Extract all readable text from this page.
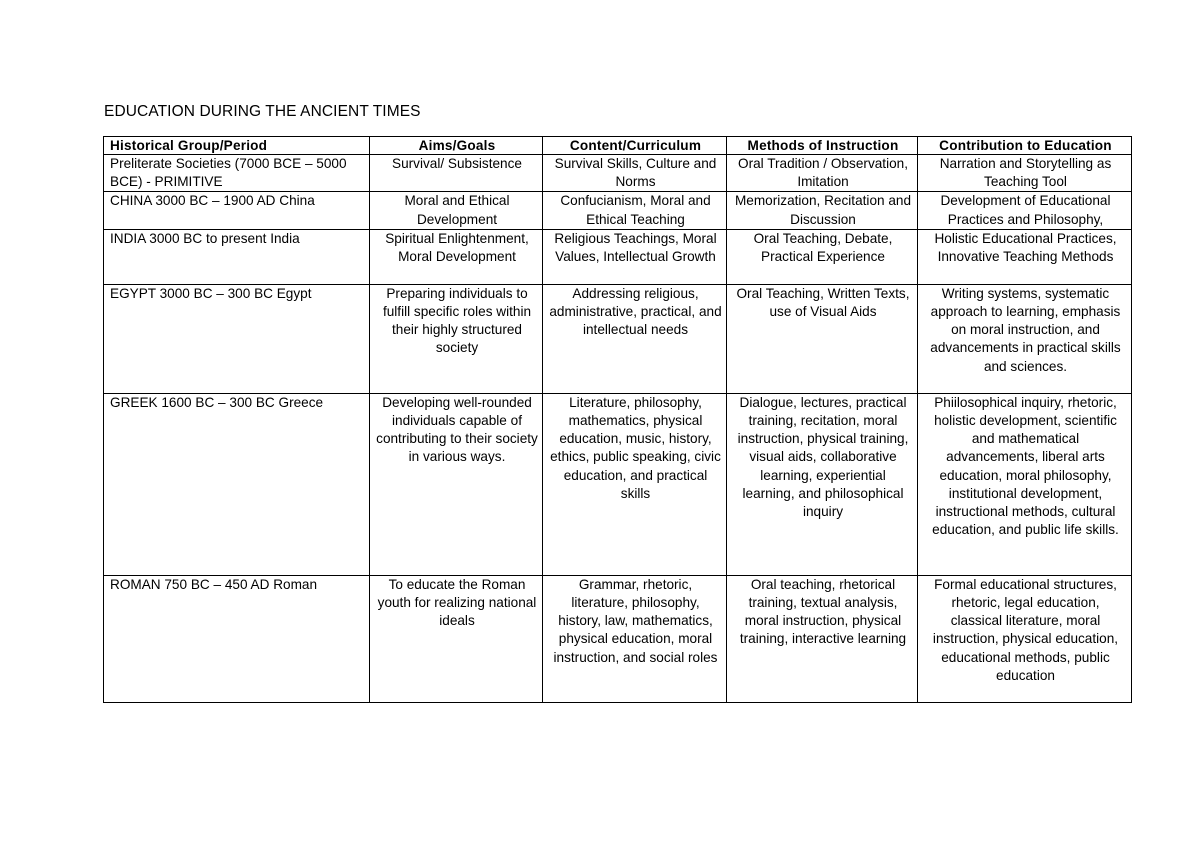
EDUCATION DURING THE ANCIENT TIMES
Historical Group/Period	Aims/Goals	Content/Curriculum	Methods of Instruction	Contribution to Education
Preliterate Societies (7000 BCE – 5000 BCE) - PRIMITIVE	Survival/ Subsistence	Survival Skills, Culture and Norms	Oral Tradition / Observation, Imitation	Narration and Storytelling as Teaching Tool
CHINA 3000 BC – 1900 AD China	Moral and Ethical Development	Confucianism, Moral and Ethical Teaching	Memorization, Recitation and Discussion	Development of Educational Practices and Philosophy,
INDIA 3000 BC to present India	Spiritual Enlightenment, Moral Development	Religious Teachings, Moral Values, Intellectual Growth	Oral Teaching, Debate, Practical Experience	Holistic Educational Practices, Innovative Teaching Methods
EGYPT 3000 BC – 300 BC Egypt	Preparing individuals to fulfill specific roles within their highly structured society	Addressing religious, administrative, practical, and intellectual needs	Oral Teaching, Written Texts, use of Visual Aids	Writing systems, systematic approach to learning, emphasis on moral instruction, and advancements in practical skills and sciences.
GREEK 1600 BC – 300 BC Greece	Developing well-rounded individuals capable of contributing to their society in various ways.	Literature, philosophy, mathematics, physical education, music, history, ethics, public speaking, civic education, and practical skills	Dialogue, lectures, practical training, recitation, moral instruction, physical training, visual aids, collaborative learning, experiential learning, and philosophical inquiry	Phiilosophical inquiry, rhetoric, holistic development, scientific and mathematical advancements, liberal arts education, moral philosophy, institutional development, instructional methods, cultural education, and public life skills.
ROMAN 750 BC – 450 AD Roman	To educate the Roman youth for realizing national ideals	Grammar, rhetoric, literature, philosophy, history, law, mathematics, physical education, moral instruction, and social roles	Oral teaching, rhetorical training, textual analysis, moral instruction, physical training, interactive learning	Formal educational structures, rhetoric, legal education, classical literature, moral instruction, physical education, educational methods, public education
